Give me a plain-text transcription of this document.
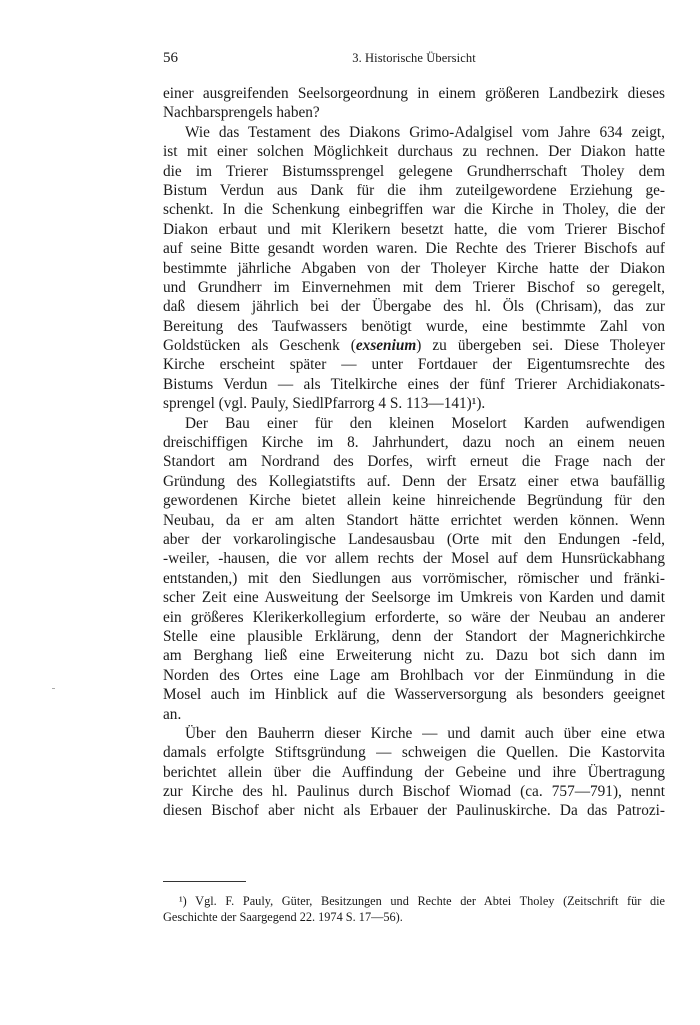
56	3. Historische Übersicht
einer ausgreifenden Seelsorgeordnung in einem größeren Landbezirk dieses
Nachbarsprengels haben?
Wie das Testament des Diakons Grimo-Adalgisel vom Jahre 634 zeigt,
ist mit einer solchen Möglichkeit durchaus zu rechnen. Der Diakon hatte
die im Trierer Bistumssprengel gelegene Grundherrschaft Tholey dem
Bistum Verdun aus Dank für die ihm zuteilgewordene Erziehung ge-
schenkt. In die Schenkung einbegriffen war die Kirche in Tholey, die der
Diakon erbaut und mit Klerikern besetzt hatte, die vom Trierer Bischof
auf seine Bitte gesandt worden waren. Die Rechte des Trierer Bischofs auf
bestimmte jährliche Abgaben von der Tholeyer Kirche hatte der Diakon
und Grundherr im Einvernehmen mit dem Trierer Bischof so geregelt,
daß diesem jährlich bei der Übergabe des hl. Öls (Chrisam), das zur
Bereitung des Taufwassers benötigt wurde, eine bestimmte Zahl von
Goldstücken als Geschenk (exsenium) zu übergeben sei. Diese Tholeyer
Kirche erscheint später — unter Fortdauer der Eigentumsrechte des
Bistums Verdun — als Titelkirche eines der fünf Trierer Archidiakonats-
sprengel (vgl. Pauly, SiedlPfarrorg 4 S. 113—141)¹).
Der Bau einer für den kleinen Moselort Karden aufwendigen
dreischiffigen Kirche im 8. Jahrhundert, dazu noch an einem neuen
Standort am Nordrand des Dorfes, wirft erneut die Frage nach der
Gründung des Kollegiatstifts auf. Denn der Ersatz einer etwa baufällig
gewordenen Kirche bietet allein keine hinreichende Begründung für den
Neubau, da er am alten Standort hätte errichtet werden können. Wenn
aber der vorkarolingische Landesausbau (Orte mit den Endungen -feld,
-weiler, -hausen, die vor allem rechts der Mosel auf dem Hunsrückabhang
entstanden,) mit den Siedlungen aus vorrömischer, römischer und fränki-
scher Zeit eine Ausweitung der Seelsorge im Umkreis von Karden und damit
ein größeres Klerikerkollegium erforderte, so wäre der Neubau an anderer
Stelle eine plausible Erklärung, denn der Standort der Magnerichkirche
am Berghang ließ eine Erweiterung nicht zu. Dazu bot sich dann im
Norden des Ortes eine Lage am Brohlbach vor der Einmündung in die
Mosel auch im Hinblick auf die Wasserversorgung als besonders geeignet
an.
Über den Bauherrn dieser Kirche — und damit auch über eine etwa
damals erfolgte Stiftsgründung — schweigen die Quellen. Die Kastorvita
berichtet allein über die Auffindung der Gebeine und ihre Übertragung
zur Kirche des hl. Paulinus durch Bischof Wiomad (ca. 757—791), nennt
diesen Bischof aber nicht als Erbauer der Paulinuskirche. Da das Patrozi-
¹) Vgl. F. Pauly, Güter, Besitzungen und Rechte der Abtei Tholey (Zeitschrift für die
Geschichte der Saargegend 22. 1974 S. 17—56).
